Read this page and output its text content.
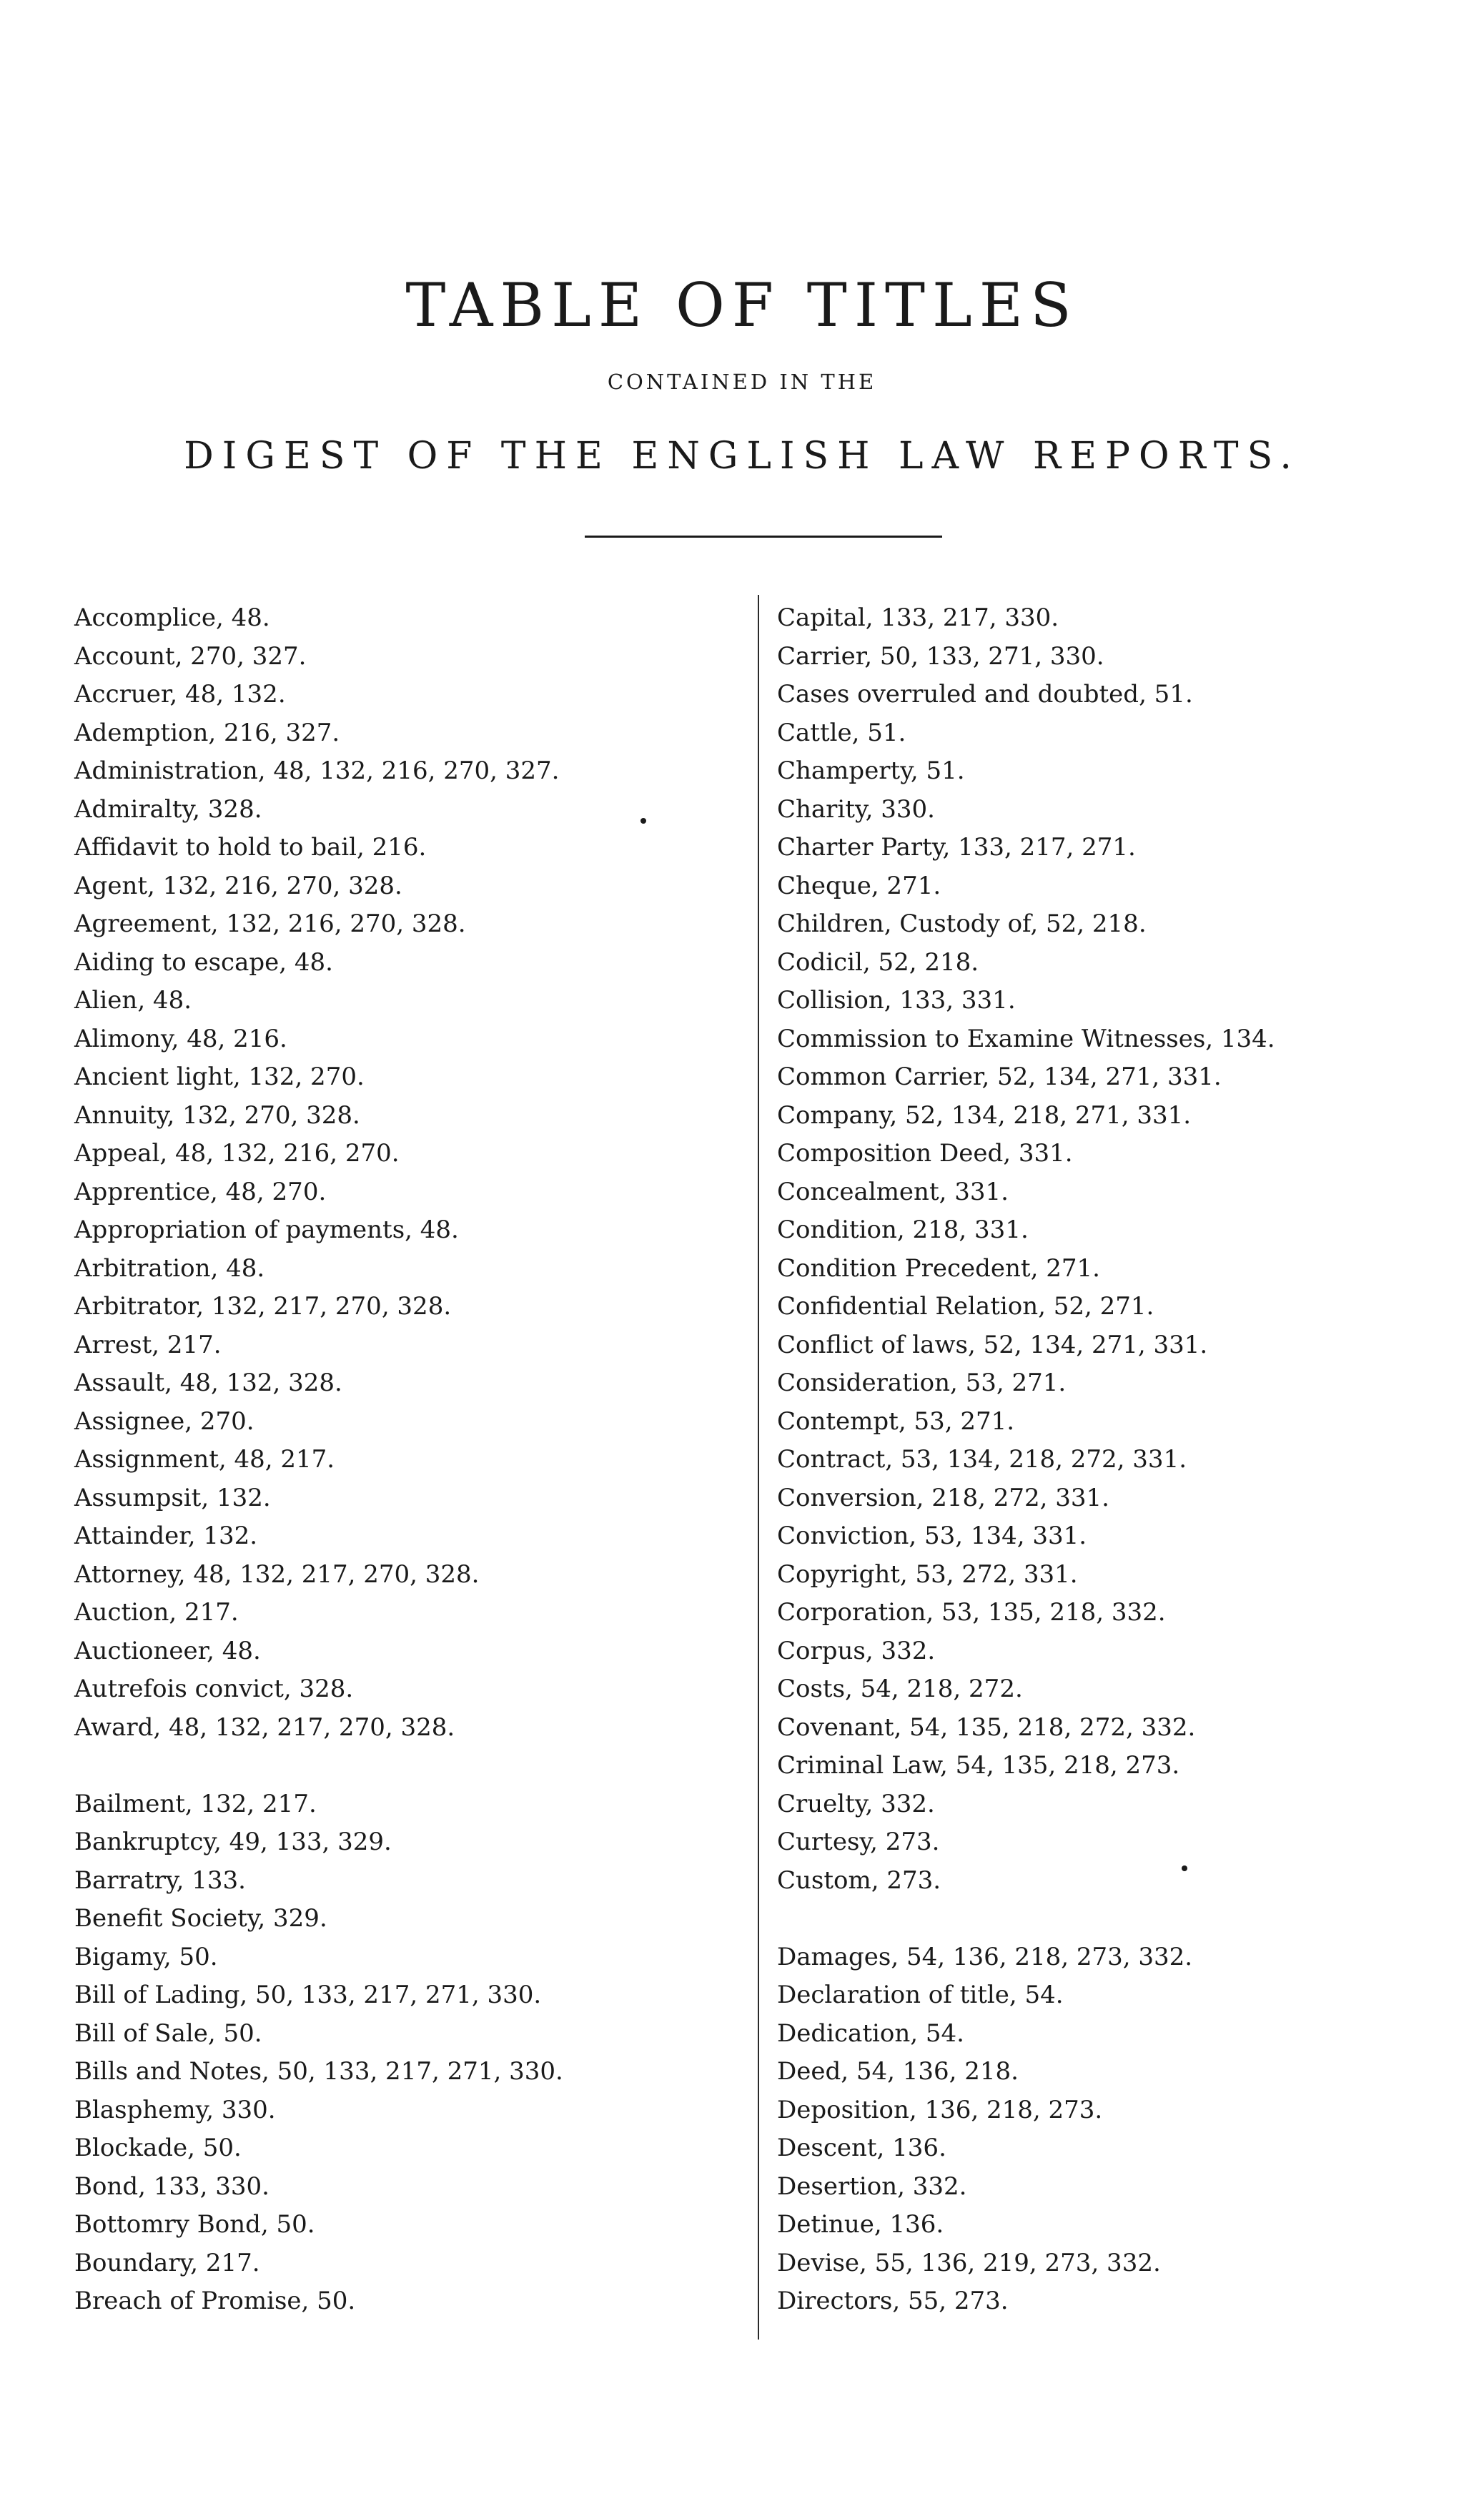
TABLE OF TITLES
CONTAINED IN THE
DIGEST OF THE ENGLISH LAW REPORTS.
Accomplice, 48.
Account, 270, 327.
Accruer, 48, 132.
Ademption, 216, 327.
Administration, 48, 132, 216, 270, 327.
Admiralty, 328.
Affidavit to hold to bail, 216.
Agent, 132, 216, 270, 328.
Agreement, 132, 216, 270, 328.
Aiding to escape, 48.
Alien, 48.
Alimony, 48, 216.
Ancient light, 132, 270.
Annuity, 132, 270, 328.
Appeal, 48, 132, 216, 270.
Apprentice, 48, 270.
Appropriation of payments, 48.
Arbitration, 48.
Arbitrator, 132, 217, 270, 328.
Arrest, 217.
Assault, 48, 132, 328.
Assignee, 270.
Assignment, 48, 217.
Assumpsit, 132.
Attainder, 132.
Attorney, 48, 132, 217, 270, 328.
Auction, 217.
Auctioneer, 48.
Autrefois convict, 328.
Award, 48, 132, 217, 270, 328.
Bailment, 132, 217.
Bankruptcy, 49, 133, 329.
Barratry, 133.
Benefit Society, 329.
Bigamy, 50.
Bill of Lading, 50, 133, 217, 271, 330.
Bill of Sale, 50.
Bills and Notes, 50, 133, 217, 271, 330.
Blasphemy, 330.
Blockade, 50.
Bond, 133, 330.
Bottomry Bond, 50.
Boundary, 217.
Breach of Promise, 50.
Capital, 133, 217, 330.
Carrier, 50, 133, 271, 330.
Cases overruled and doubted, 51.
Cattle, 51.
Champerty, 51.
Charity, 330.
Charter Party, 133, 217, 271.
Cheque, 271.
Children, Custody of, 52, 218.
Codicil, 52, 218.
Collision, 133, 331.
Commission to Examine Witnesses, 134.
Common Carrier, 52, 134, 271, 331.
Company, 52, 134, 218, 271, 331.
Composition Deed, 331.
Concealment, 331.
Condition, 218, 331.
Condition Precedent, 271.
Confidential Relation, 52, 271.
Conflict of laws, 52, 134, 271, 331.
Consideration, 53, 271.
Contempt, 53, 271.
Contract, 53, 134, 218, 272, 331.
Conversion, 218, 272, 331.
Conviction, 53, 134, 331.
Copyright, 53, 272, 331.
Corporation, 53, 135, 218, 332.
Corpus, 332.
Costs, 54, 218, 272.
Covenant, 54, 135, 218, 272, 332.
Criminal Law, 54, 135, 218, 273.
Cruelty, 332.
Curtesy, 273.
Custom, 273.
Damages, 54, 136, 218, 273, 332.
Declaration of title, 54.
Dedication, 54.
Deed, 54, 136, 218.
Deposition, 136, 218, 273.
Descent, 136.
Desertion, 332.
Detinue, 136.
Devise, 55, 136, 219, 273, 332.
Directors, 55, 273.
